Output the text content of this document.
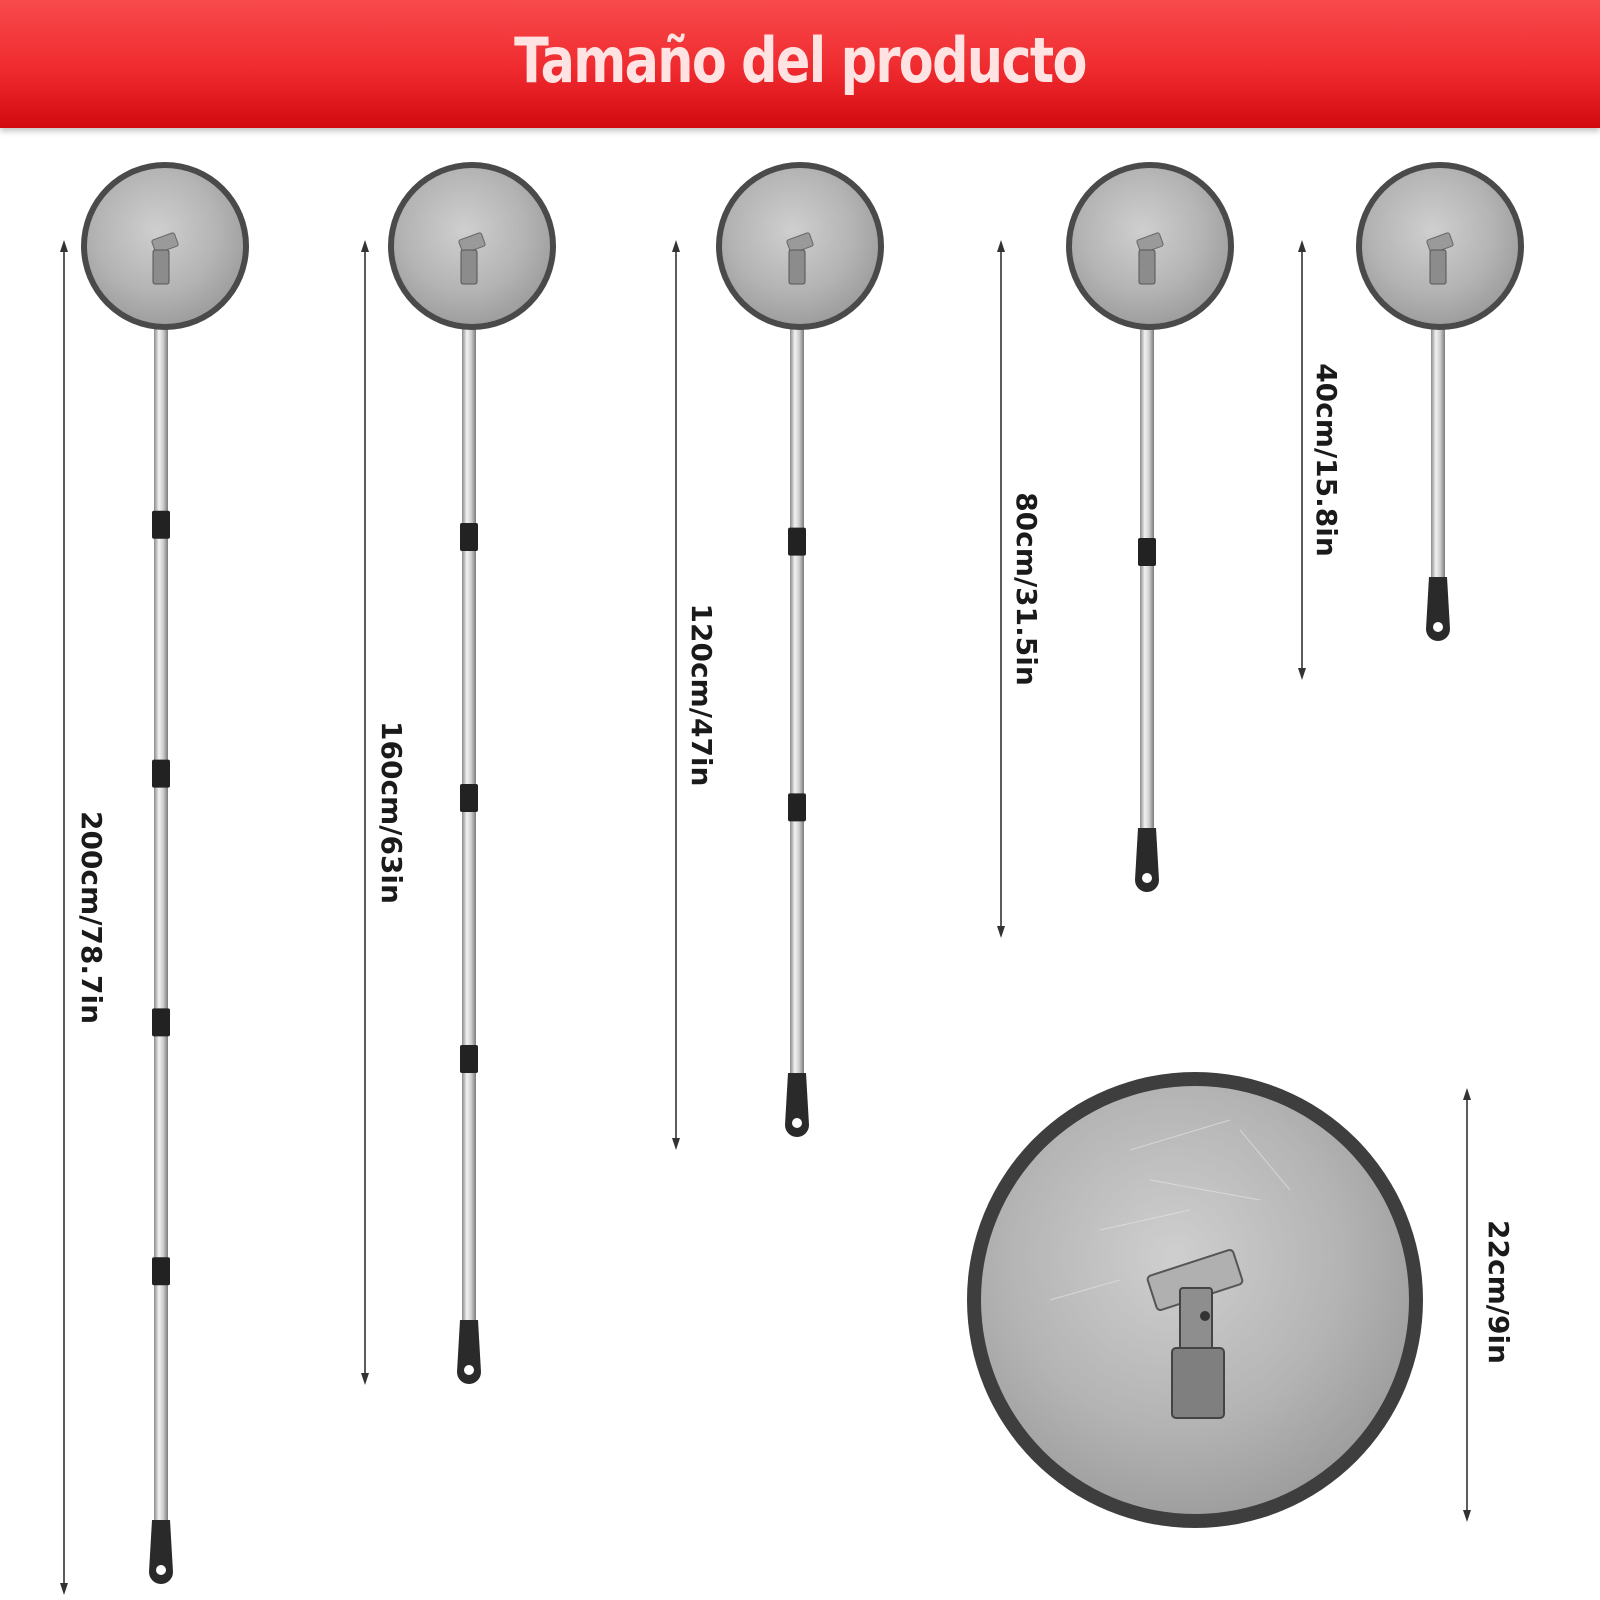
Tamaño del producto
200cm/78.7in	160cm/63in
120cm/47in
80cm/31.5in
40cm/15.8in
22cm/9in
